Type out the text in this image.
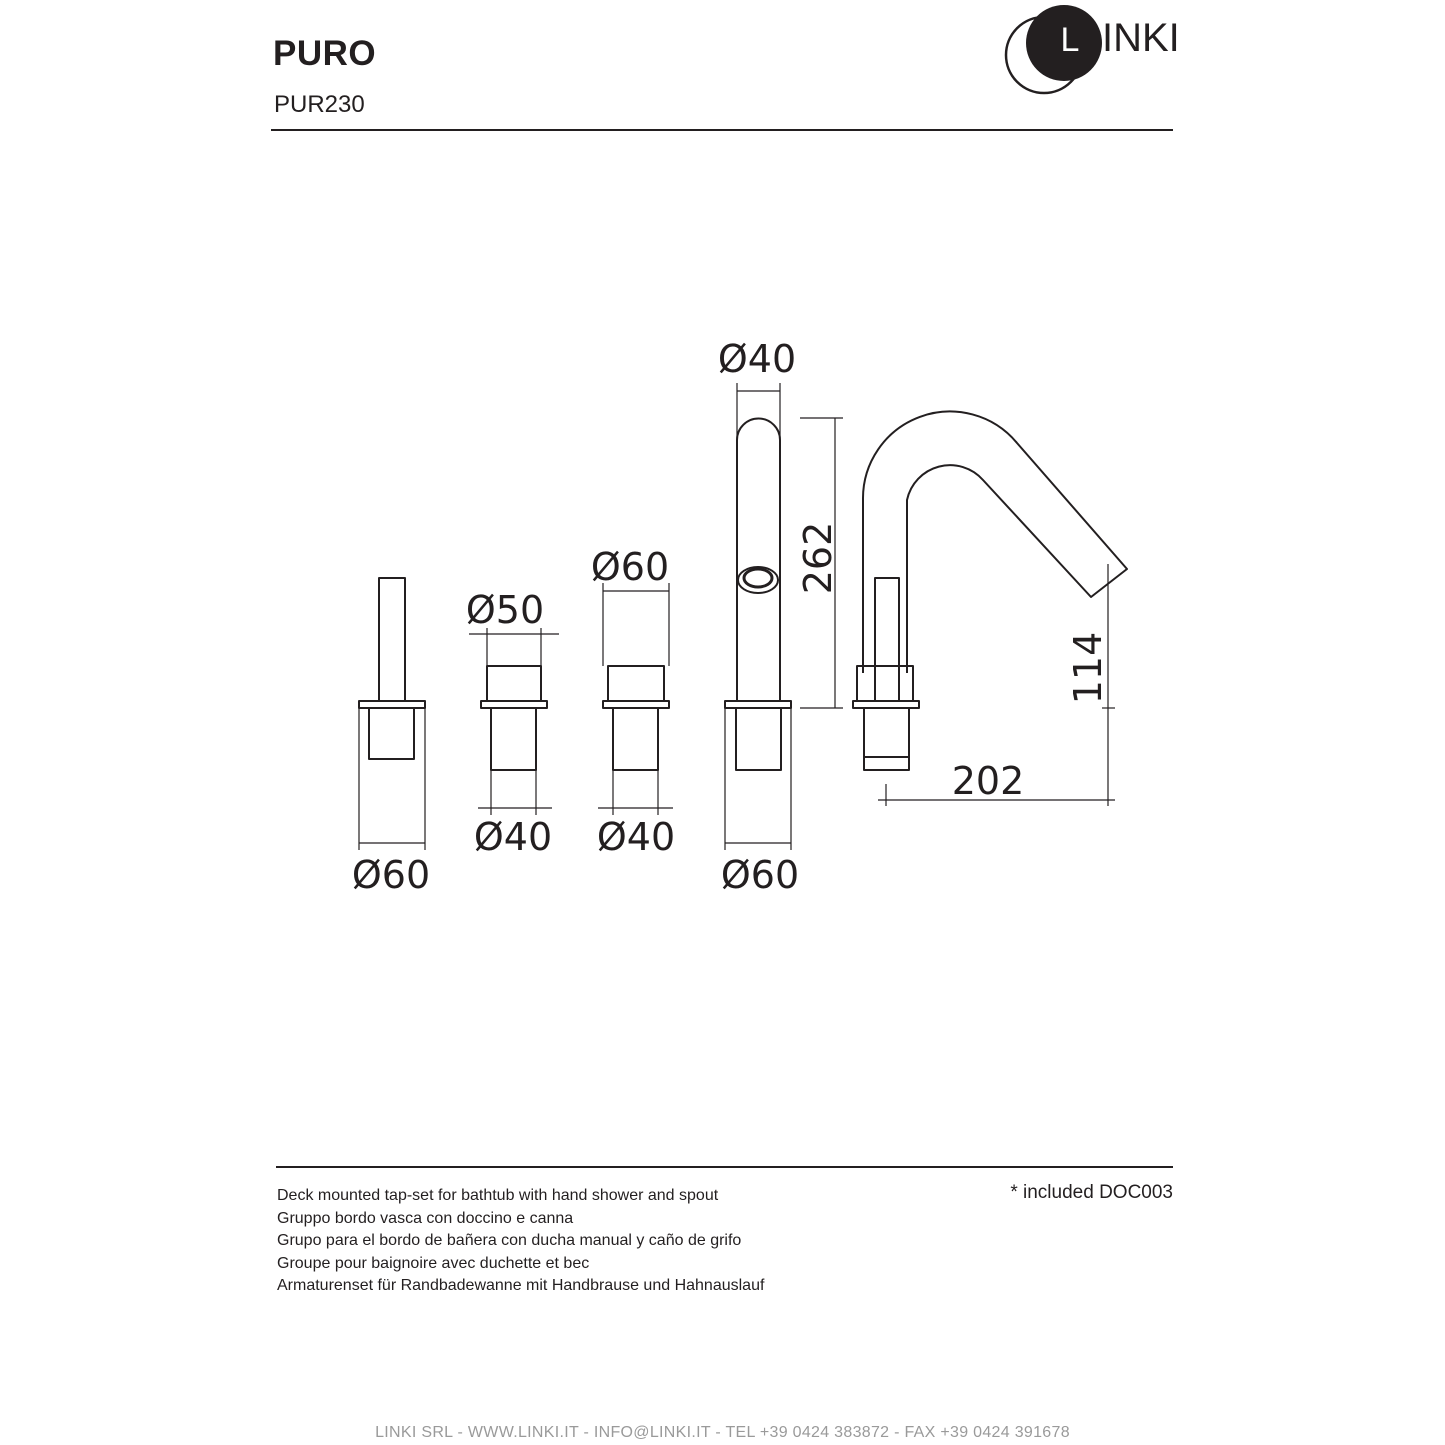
PURO
PUR230
L INKI
Ø60
Ø50
Ø40
Ø60
Ø40
Ø40
Ø60
262
114
202
Deck mounted tap-set for bathtub with hand shower and spout
Gruppo bordo vasca con doccino e canna
Grupo para el bordo de bañera con ducha manual y caño de grifo
Groupe pour baignoire avec duchette et bec
Armaturenset für Randbadewanne mit Handbrause und Hahnauslauf
* included DOC003
LINKI SRL - WWW.LINKI.IT - INFO@LINKI.IT - TEL +39 0424 383872 - FAX +39 0424 391678
